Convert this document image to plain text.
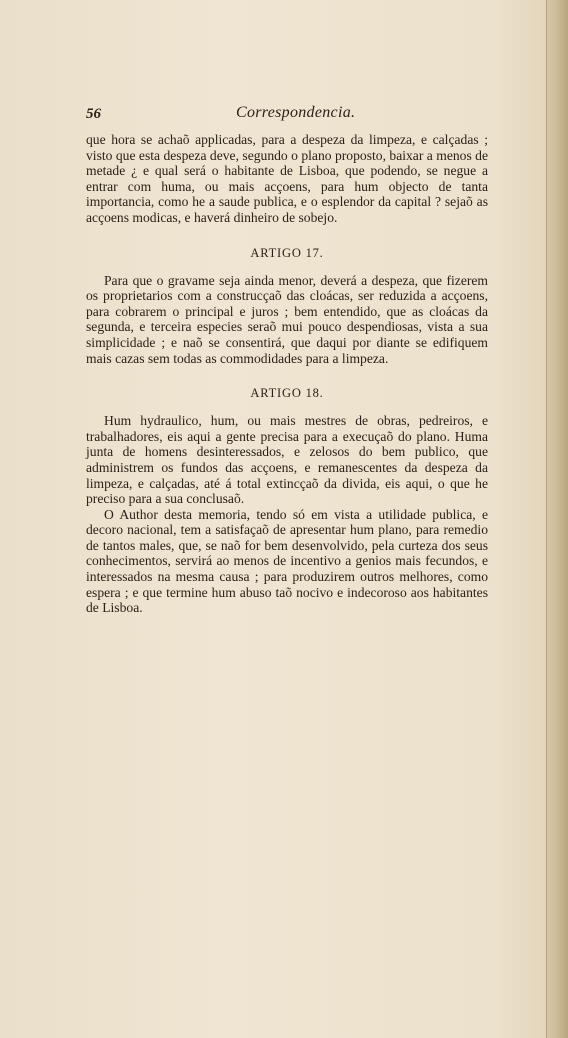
56	Correspondencia.

que hora se achaõ applicadas, para a despeza da limpeza, e calçadas ; visto que esta despeza deve, segundo o plano proposto, baixar a menos de metade ¿ e qual será o habitante de Lisboa, que podendo, se negue a entrar com huma, ou mais acçoens, para hum objecto de tanta importancia, como he a saude publica, e o esplendor da capital ? sejaõ as acçoens modicas, e haverá dinheiro de sobejo.

ARTIGO 17.

Para que o gravame seja ainda menor, deverá a despeza, que fizerem os proprietarios com a construcçaõ das cloácas, ser reduzida a acçoens, para cobrarem o principal e juros ; bem entendido, que as cloácas da segunda, e terceira especies seraõ mui pouco despendiosas, vista a sua simplicidade ; e naõ se consentirá, que daqui por diante se edifiquem mais cazas sem todas as commodidades para a limpeza.

ARTIGO 18.

Hum hydraulico, hum, ou mais mestres de obras, pedreiros, e trabalhadores, eis aqui a gente precisa para a execuçaõ do plano. Huma junta de homens desinteressados, e zelosos do bem publico, que administrem os fundos das acçoens, e remanescentes da despeza da limpeza, e calçadas, até á total extincçaõ da divida, eis aqui, o que he preciso para a sua conclusaõ.

O Author desta memoria, tendo só em vista a utilidade publica, e decoro nacional, tem a satisfaçaõ de apresentar hum plano, para remedio de tantos males, que, se naõ for bem desenvolvido, pela curteza dos seus conhecimentos, servirá ao menos de incentivo a genios mais fecundos, e interessados na mesma causa ; para produzirem outros melhores, como espera ; e que termine hum abuso taõ nocivo e indecoroso aos habitantes de Lisboa.
